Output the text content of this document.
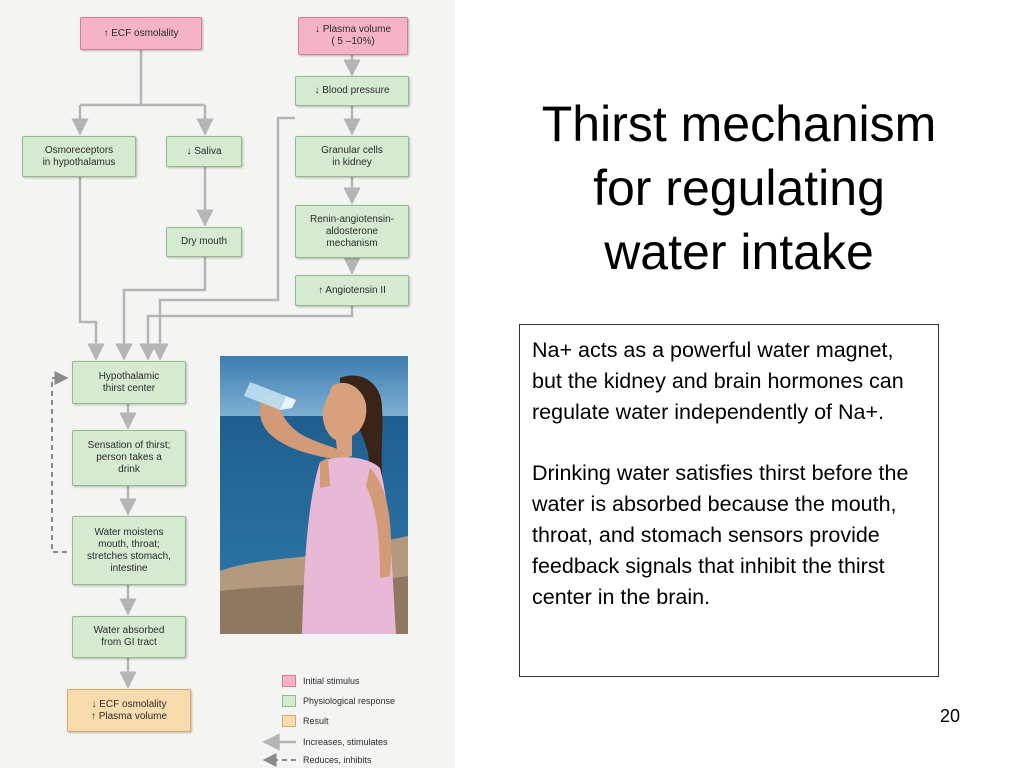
↑ ECF osmolality	↓ Plasma volume
( 5 –10%)
↓ Blood pressure
Osmoreceptors
in hypothalamus
↓ Saliva	Granular cells
in kidney
Dry mouth
Renin-angiotensin-
aldosterone
mechanism
↑ Angiotensin II
Hypothalamic
thirst center
Sensation of thirst;
person takes a
drink
Water moistens
mouth, throat;
stretches stomach,
intestine
Water absorbed
from GI tract
↓ ECF osmolality
↑ Plasma volume
Initial stimulus
Physiological response
Result
Increases, stimulates
Reduces, inhibits
Thirst mechanism
for regulating
water intake

Na+ acts as a powerful water magnet, but the kidney and brain hormones can regulate water independently of Na+.

Drinking water satisfies thirst before the water is absorbed because the mouth, throat, and stomach sensors provide feedback signals that inhibit the thirst center in the brain.

20
